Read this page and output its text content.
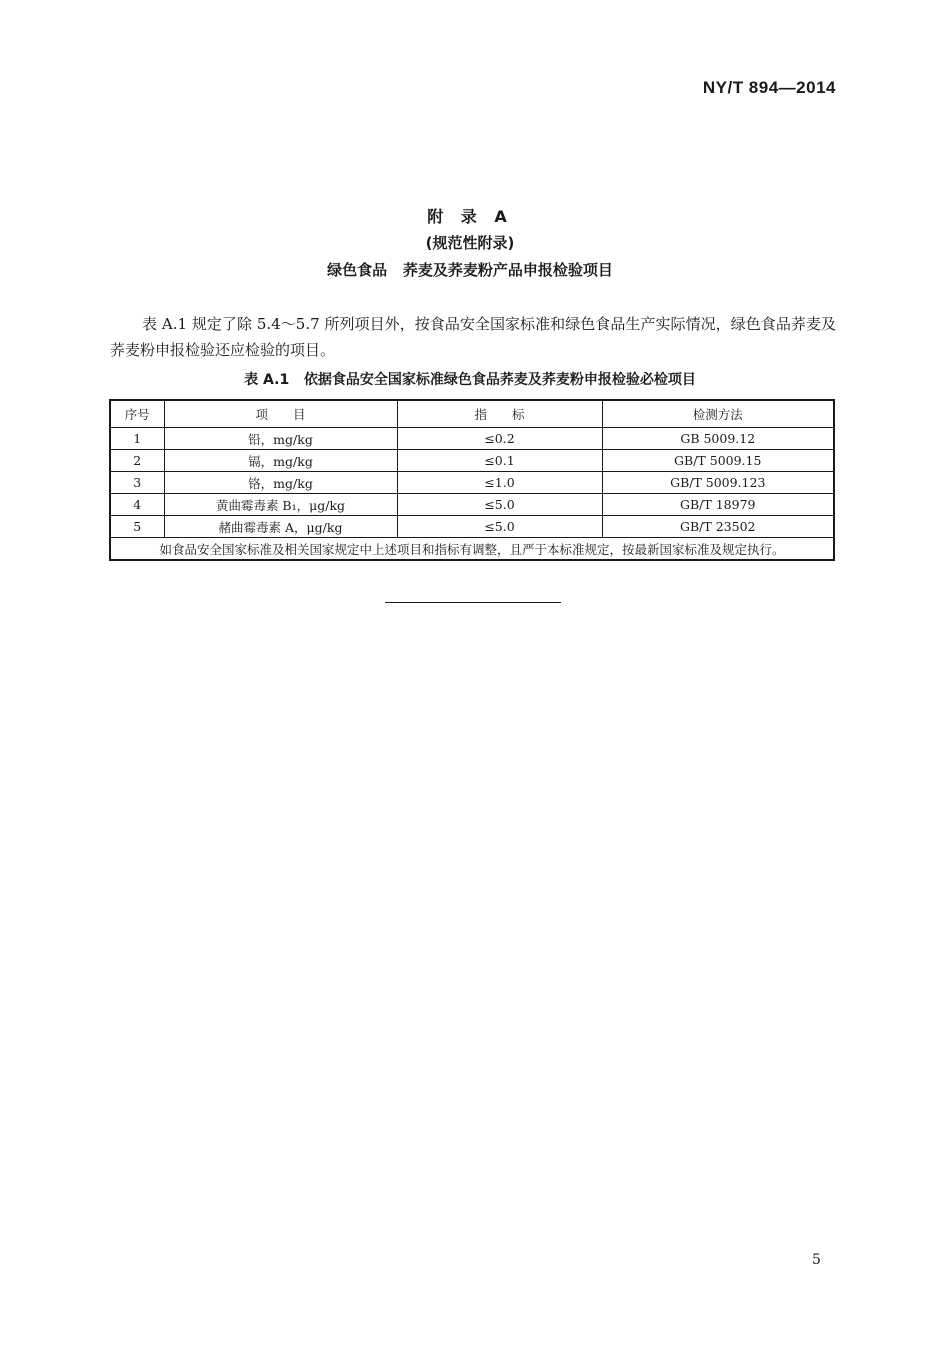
NY/T 894—2014
附 录 A
(规范性附录)
绿色食品   荞麦及荞麦粉产品申报检验项目

表 A.1 规定了除 5.4～5.7 所列项目外，按食品安全国家标准和绿色食品生产实际情况，绿色食品荞麦及荞麦粉申报检验还应检验的项目。

表 A.1   依据食品安全国家标准绿色食品荞麦及荞麦粉申报检验必检项目
序号	项　　目	指　　标	检测方法
1	铅，mg/kg	≤0.2	GB 5009.12
2	镉，mg/kg	≤0.1	GB/T 5009.15
3	铬，mg/kg	≤1.0	GB/T 5009.123
4	黄曲霉毒素 B₁，μg/kg	≤5.0	GB/T 18979
5	赭曲霉毒素 A，μg/kg	≤5.0	GB/T 23502
如食品安全国家标准及相关国家规定中上述项目和指标有调整，且严于本标准规定，按最新国家标准及规定执行。			
5
